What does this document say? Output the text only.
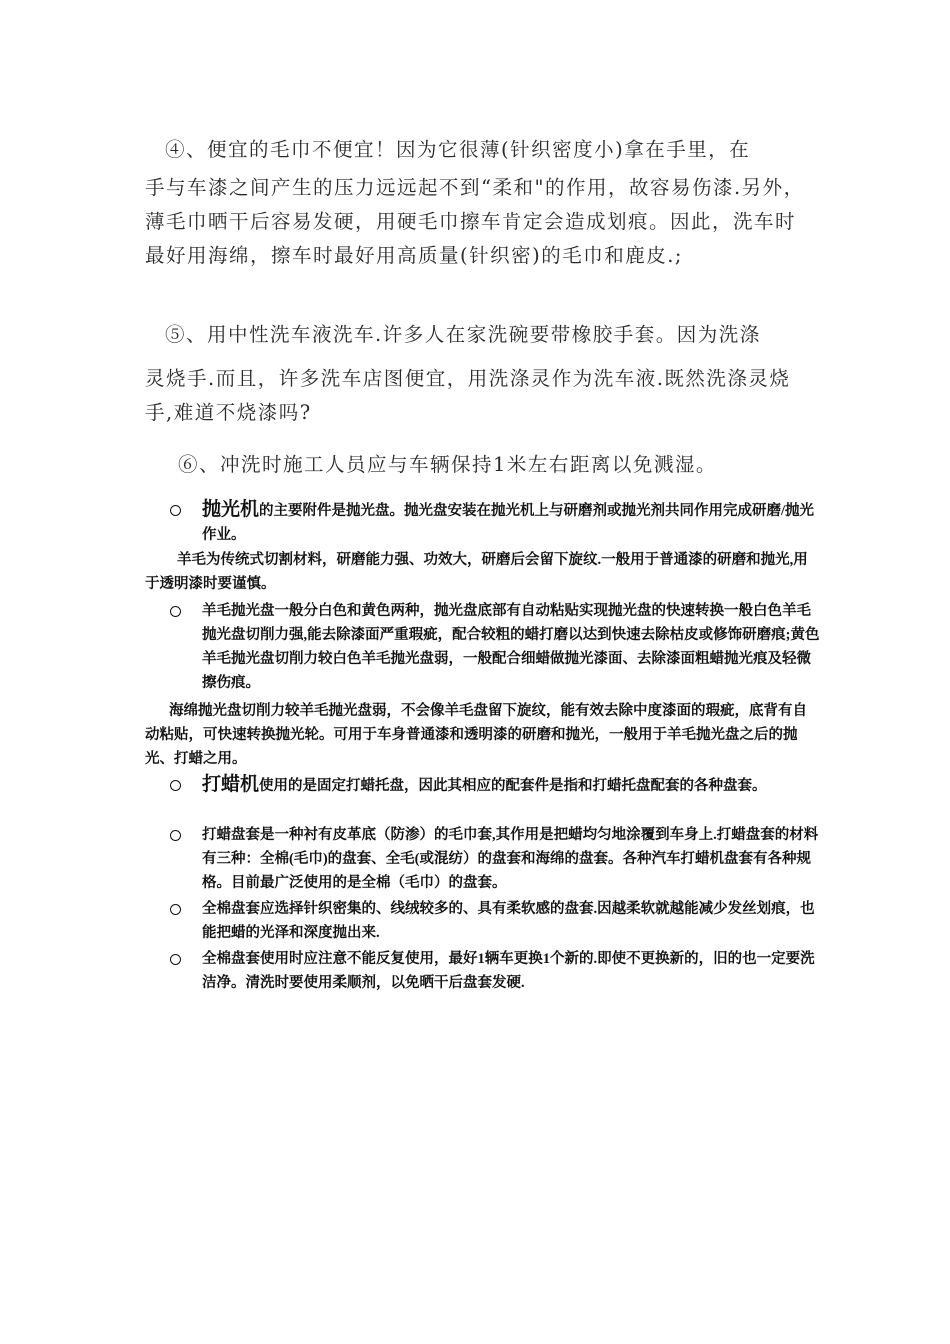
④、便宜的毛巾不便宜！因为它很薄(针织密度小)拿在手里，在
手与车漆之间产生的压力远远起不到“柔和"的作用，故容易伤漆.另外，薄毛巾晒干后容易发硬，用硬毛巾擦车肯定会造成划痕。因此，洗车时最好用海绵，擦车时最好用高质量(针织密)的毛巾和鹿皮.;
⑤、用中性洗车液洗车.许多人在家洗碗要带橡胶手套。因为洗涤
灵烧手.而且，许多洗车店图便宜，用洗涤灵作为洗车液.既然洗涤灵烧手,难道不烧漆吗?
⑥、冲洗时施工人员应与车辆保持1米左右距离以免溅湿。
抛光机的主要附件是抛光盘。抛光盘安装在抛光机上与研磨剂或抛光剂共同作用完成研磨/抛光作业。

羊毛为传统式切割材料，研磨能力强、功效大，研磨后会留下旋纹.一般用于普通漆的研磨和抛光,用于透明漆时要谨慎。

羊毛抛光盘一般分白色和黄色两种，抛光盘底部有自动粘贴实现抛光盘的快速转换一般白色羊毛抛光盘切削力强,能去除漆面严重瑕疵，配合较粗的蜡打磨以达到快速去除枯皮或修饰研磨痕;黄色羊毛抛光盘切削力较白色羊毛抛光盘弱，一般配合细蜡做抛光漆面、去除漆面粗蜡抛光痕及轻微擦伤痕。

海绵抛光盘切削力较羊毛抛光盘弱，不会像羊毛盘留下旋纹，能有效去除中度漆面的瑕疵，底背有自动粘贴，可快速转换抛光轮。可用于车身普通漆和透明漆的研磨和抛光，一般用于羊毛抛光盘之后的抛光、打蜡之用。

打蜡机使用的是固定打蜡托盘，因此其相应的配套件是指和打蜡托盘配套的各种盘套。
打蜡盘套是一种衬有皮革底（防渗）的毛巾套,其作用是把蜡均匀地涂覆到车身上.打蜡盘套的材料有三种：全棉(毛巾)的盘套、全毛(或混纺）的盘套和海绵的盘套。各种汽车打蜡机盘套有各种规格。目前最广泛使用的是全棉（毛巾）的盘套。
全棉盘套应选择针织密集的、线绒较多的、具有柔软感的盘套.因越柔软就越能减少发丝划痕，也能把蜡的光泽和深度抛出来.
全棉盘套使用时应注意不能反复使用，最好1辆车更换1个新的.即使不更换新的，旧的也一定要洗洁净。清洗时要使用柔顺剂，以免晒干后盘套发硬.
